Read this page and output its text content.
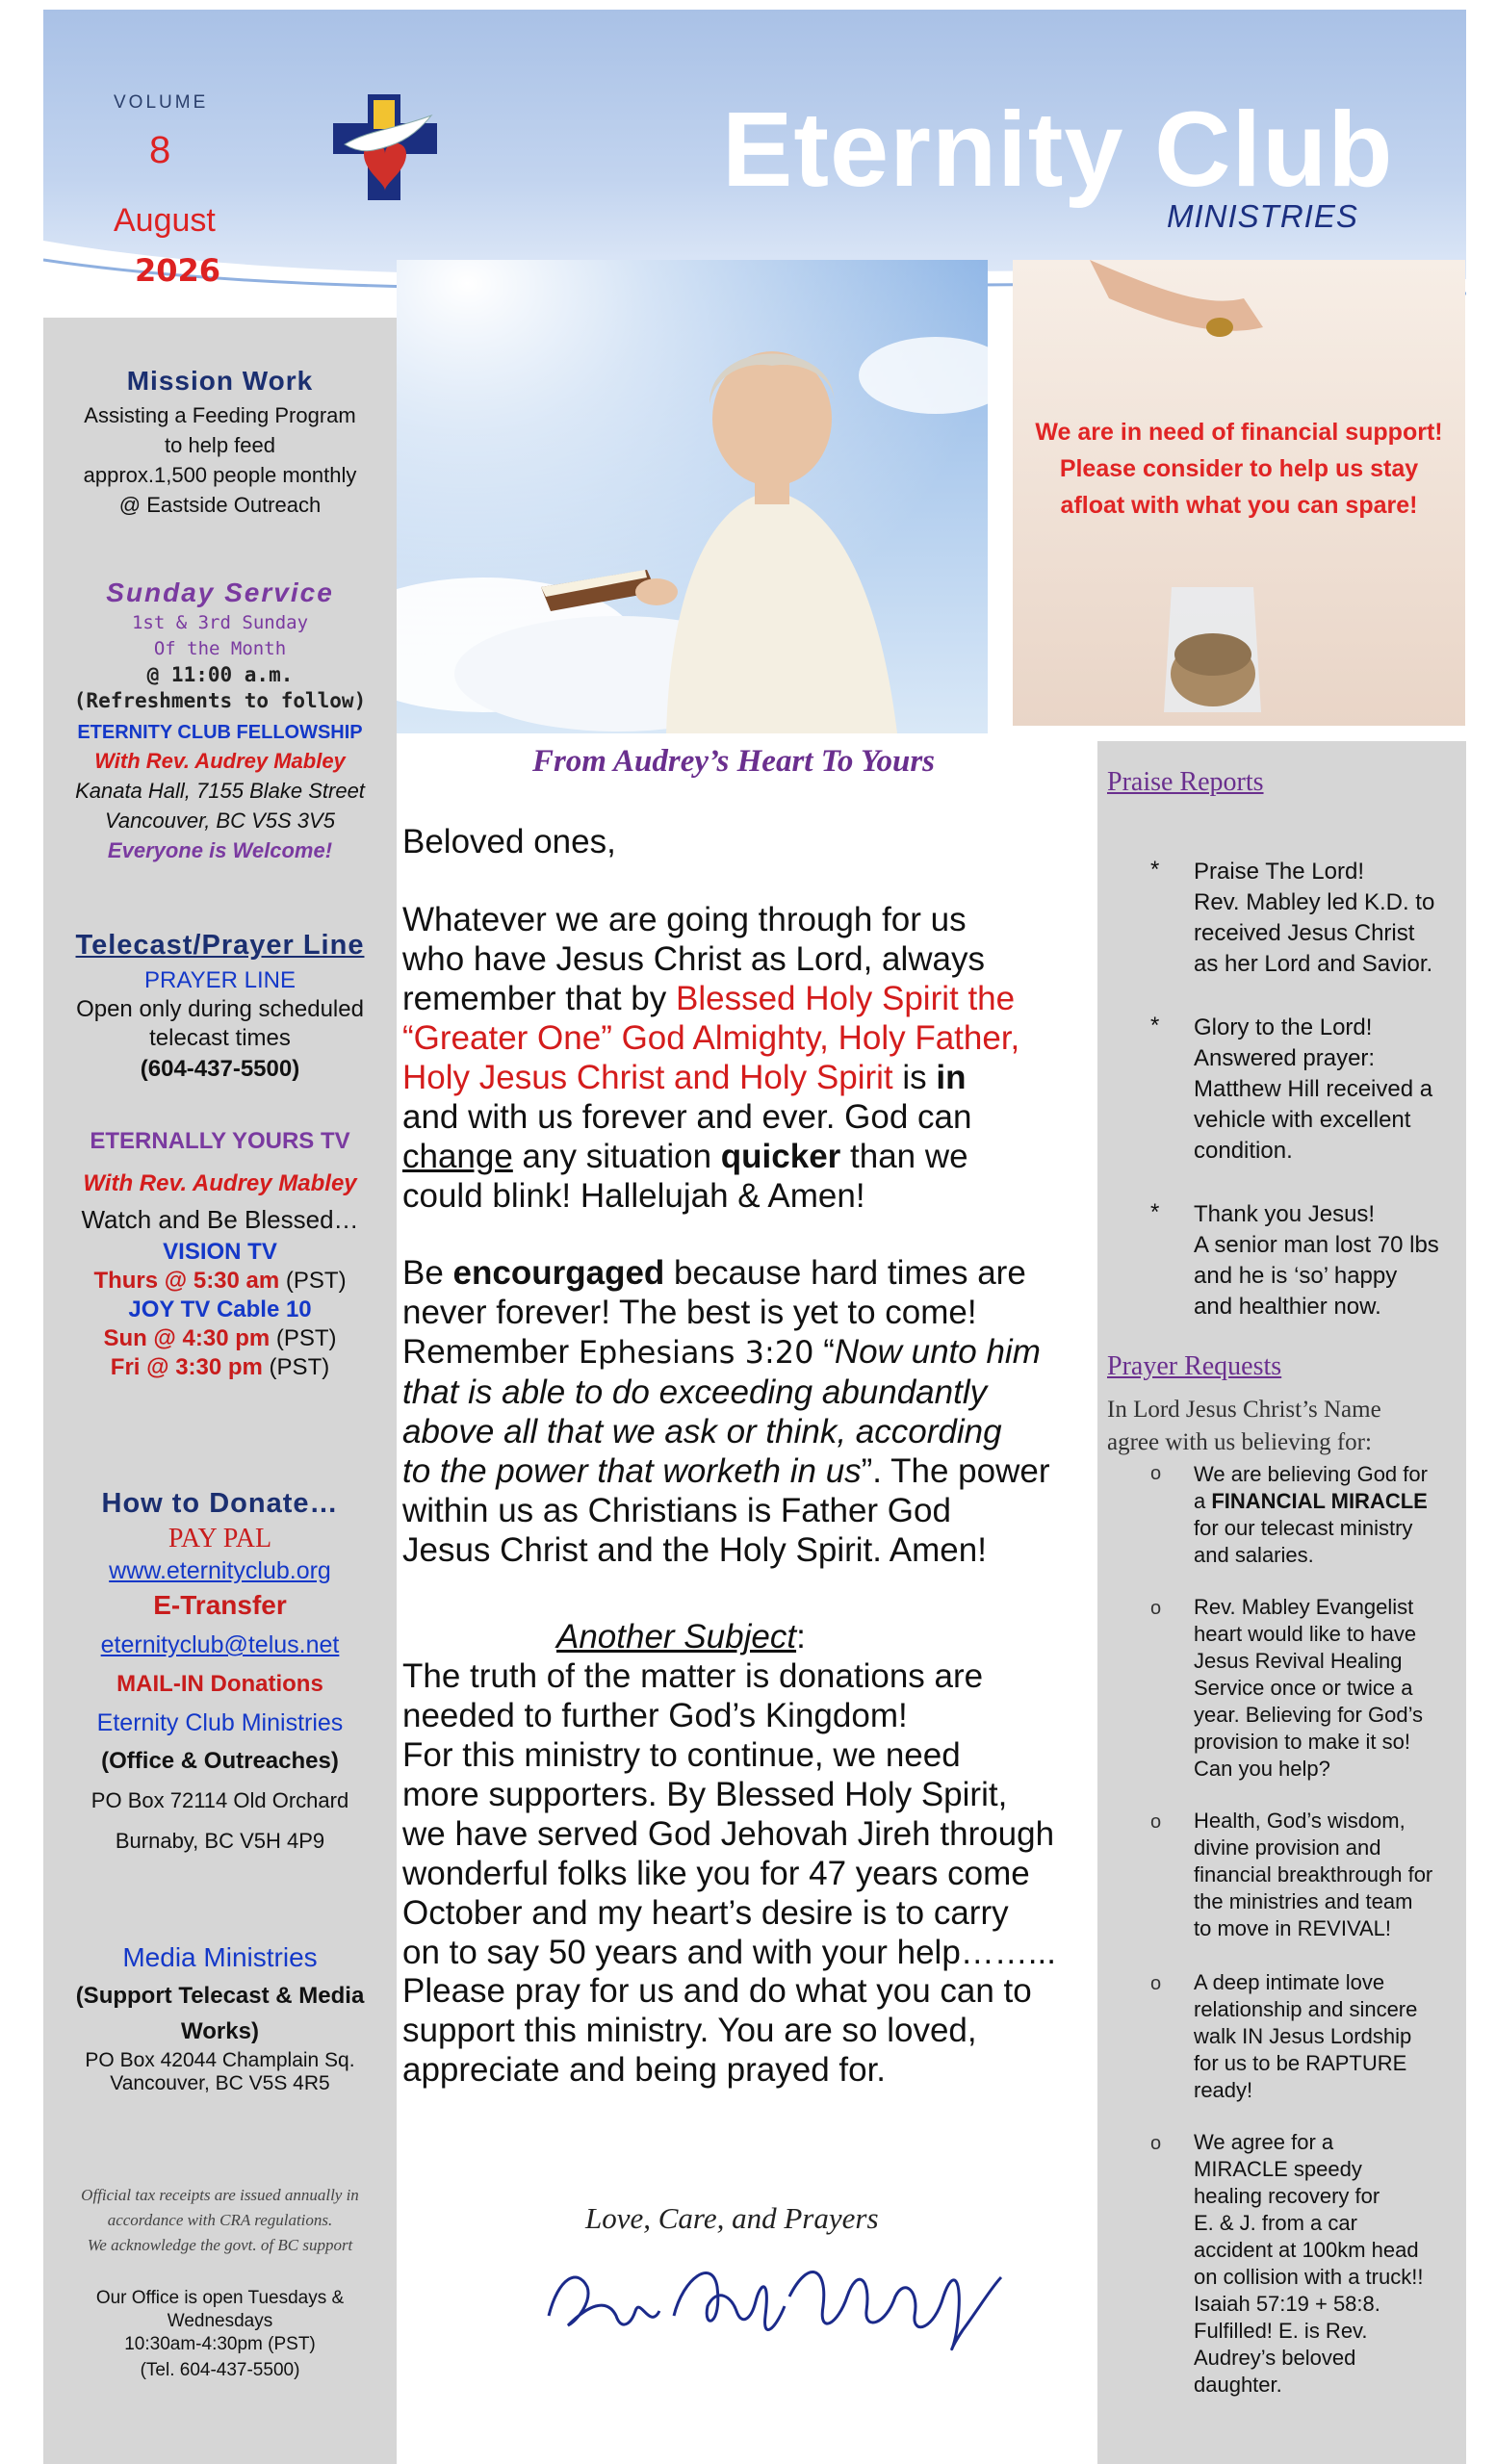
VOLUME
8
August
2026
Eternity Club
MINISTRIES
Mission Work
Assisting a Feeding Program
to help feed
approx.1,500 people monthly
@ Eastside Outreach
Sunday Service
1st & 3rd Sunday
Of the Month
@ 11:00 a.m.
(Refreshments to follow)
ETERNITY CLUB FELLOWSHIP
With Rev. Audrey Mabley
Kanata Hall, 7155 Blake Street
Vancouver, BC V5S 3V5
Everyone is Welcome!
Telecast/Prayer Line
PRAYER LINE
Open only during scheduled
telecast times
(604-437-5500)
ETERNALLY YOURS TV
With Rev. Audrey Mabley
Watch and Be Blessed…
VISION TV
Thurs @ 5:30 am (PST)
JOY TV Cable 10
Sun @ 4:30 pm (PST)
Fri @ 3:30 pm (PST)
How to Donate…
PAY PAL
www.eternityclub.org
E-Transfer
eternityclub@telus.net
MAIL-IN Donations
Eternity Club Ministries
(Office & Outreaches)
PO Box 72114 Old Orchard
Burnaby, BC V5H 4P9
Media Ministries
(Support Telecast & Media
Works)
PO Box 42044 Champlain Sq.
Vancouver, BC V5S 4R5
Official tax receipts are issued annually in
accordance with CRA regulations.
We acknowledge the govt. of BC support
Our Office is open Tuesdays &
Wednesdays
10:30am-4:30pm (PST)
(Tel. 604-437-5500)
We are in need of financial support!
Please consider to help us stay
afloat with what you can spare!
From Audrey’s Heart To Yours
Beloved ones,
Whatever we are going through for us
who have Jesus Christ as Lord, always
remember that by Blessed Holy Spirit the
“Greater One” God Almighty, Holy Father,
Holy Jesus Christ and Holy Spirit is in
and with us forever and ever. God can
change any situation quicker than we
could blink! Hallelujah & Amen!
Be encourgaged because hard times are
never forever! The best is yet to come!
Remember Ephesians 3:20 “Now unto him
that is able to do exceeding abundantly
above all that we ask or think, according
to the power that worketh in us”. The power
within us as Christians is Father God
Jesus Christ and the Holy Spirit. Amen!
Another Subject:
The truth of the matter is donations are
needed to further God’s Kingdom!
For this ministry to continue, we need
more supporters. By Blessed Holy Spirit,
we have served God Jehovah Jireh through
wonderful folks like you for 47 years come
October and my heart’s desire is to carry
on to say 50 years and with your help……...
Please pray for us and do what you can to
support this ministry. You are so loved,
appreciate and being prayed for.
Love, Care, and Prayers
Praise Reports
* Praise The Lord!
Rev. Mabley led K.D. to
received Jesus Christ
as her Lord and Savior.
* Glory to the Lord!
Answered prayer:
Matthew Hill received a
vehicle with excellent
condition.
* Thank you Jesus!
A senior man lost 70 lbs
and he is ‘so’ happy
and healthier now.
Prayer Requests
In Lord Jesus Christ’s Name
agree with us believing for:
o We are believing God for
a FINANCIAL MIRACLE
for our telecast ministry
and salaries.
o Rev. Mabley Evangelist
heart would like to have
Jesus Revival Healing
Service once or twice a
year. Believing for God’s
provision to make it so!
Can you help?
o Health, God’s wisdom,
divine provision and
financial breakthrough for
the ministries and team
to move in REVIVAL!
o A deep intimate love
relationship and sincere
walk IN Jesus Lordship
for us to be RAPTURE
ready!
o We agree for a
MIRACLE speedy
healing recovery for
E. & J. from a car
accident at 100km head
on collision with a truck!!
Isaiah 57:19 + 58:8.
Fulfilled! E. is Rev.
Audrey’s beloved
daughter.
